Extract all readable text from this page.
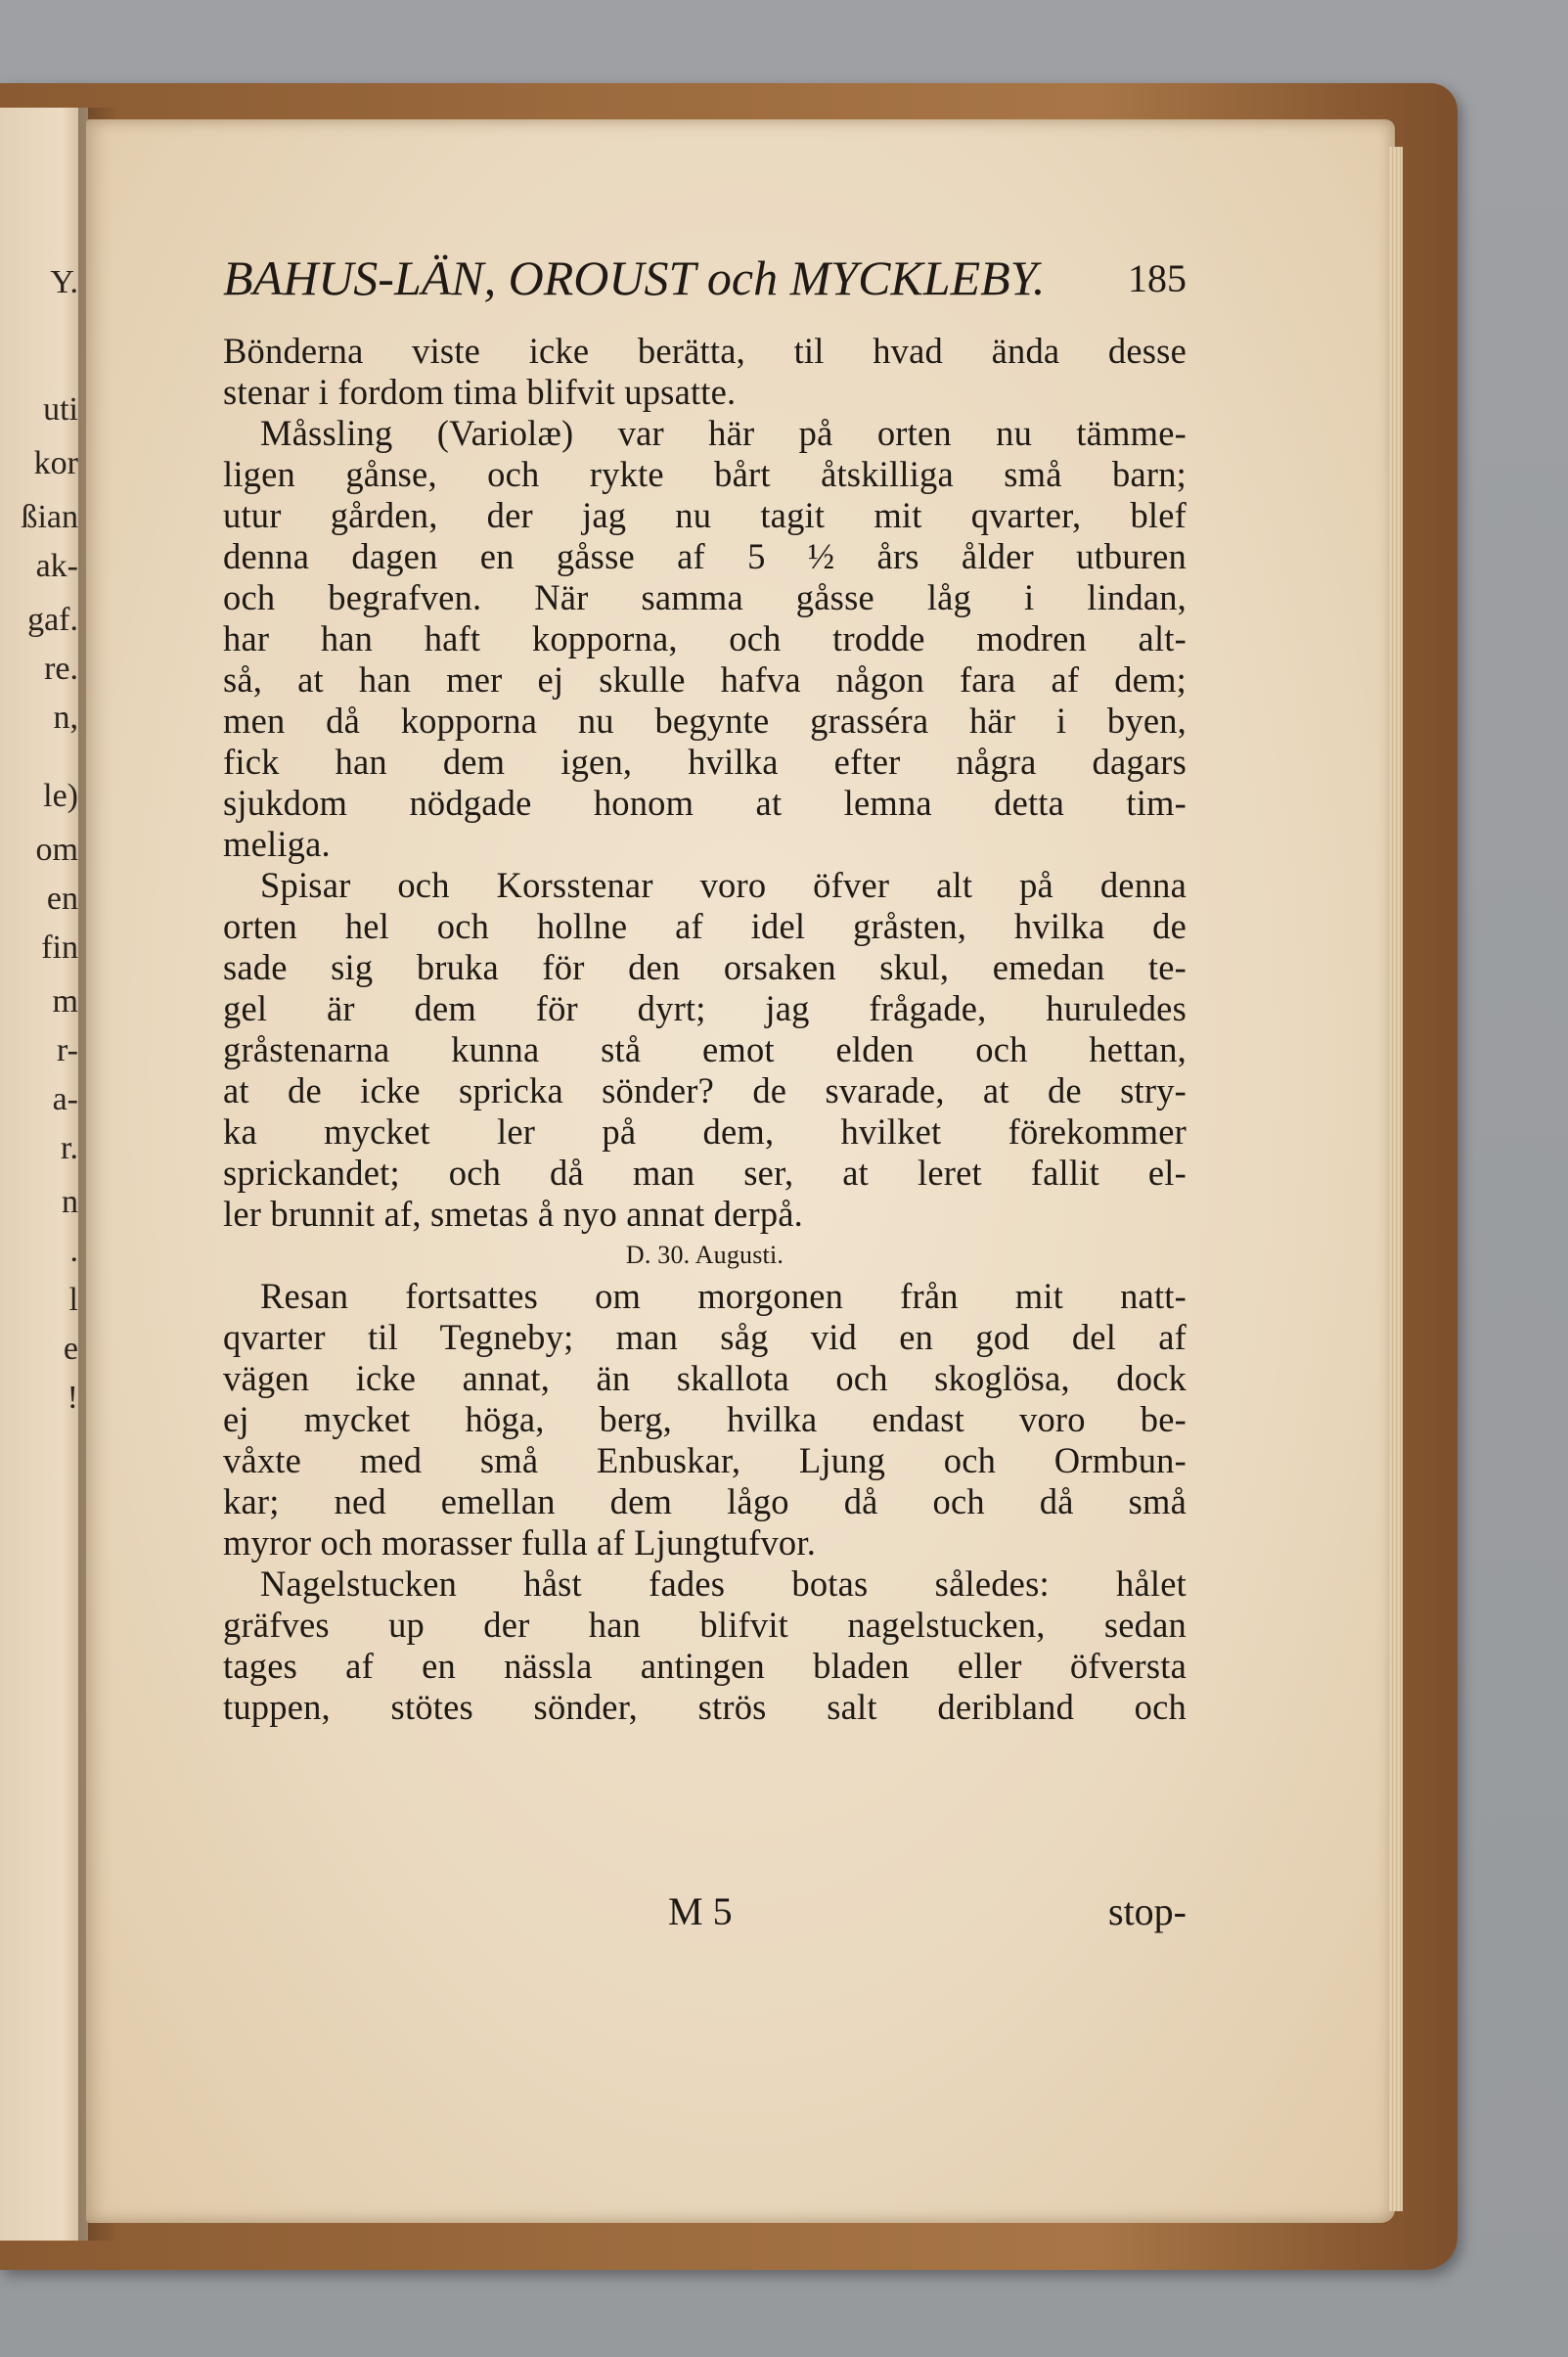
Y.
uti
kor
ßian
ak-
gaf.
re.
n,
le)
om
en
fin
m
r-
a-
r.
n
.
l
e
!
BAHUS-LÄN, OROUST och MYCKLEBY. 185
Bönderna viste icke berätta, til hvad ända desse
stenar i fordom tima blifvit upsatte.
Måssling (Variolæ) var här på orten nu tämme-
ligen gånse, och rykte bårt åtskilliga små barn;
utur gården, der jag nu tagit mit qvarter, blef
denna dagen en gåsse af 5 ½ års ålder utburen
och begrafven. När samma gåsse låg i lindan,
har han haft kopporna, och trodde modren alt-
så, at han mer ej skulle hafva någon fara af dem;
men då kopporna nu begynte grasséra här i byen,
fick han dem igen, hvilka efter några dagars
sjukdom nödgade honom at lemna detta tim-
meliga.
Spisar och Korsstenar voro öfver alt på denna
orten hel och hollne af idel gråsten, hvilka de
sade sig bruka för den orsaken skul, emedan te-
gel är dem för dyrt; jag frågade, huruledes
gråstenarna kunna stå emot elden och hettan,
at de icke spricka sönder? de svarade, at de stry-
ka mycket ler på dem, hvilket förekommer
sprickandet; och då man ser, at leret fallit el-
ler brunnit af, smetas å nyo annat derpå.
D. 30. Augusti.
Resan fortsattes om morgonen från mit natt-
qvarter til Tegneby; man såg vid en god del af
vägen icke annat, än skallota och skoglösa, dock
ej mycket höga, berg, hvilka endast voro be-
våxte med små Enbuskar, Ljung och Ormbun-
kar; ned emellan dem lågo då och då små
myror och morasser fulla af Ljungtufvor.
Nagelstucken håst fades botas således: hålet
gräfves up der han blifvit nagelstucken, sedan
tages af en nässla antingen bladen eller öfversta
tuppen, stötes sönder, strös salt deribland och
M 5	stop-
